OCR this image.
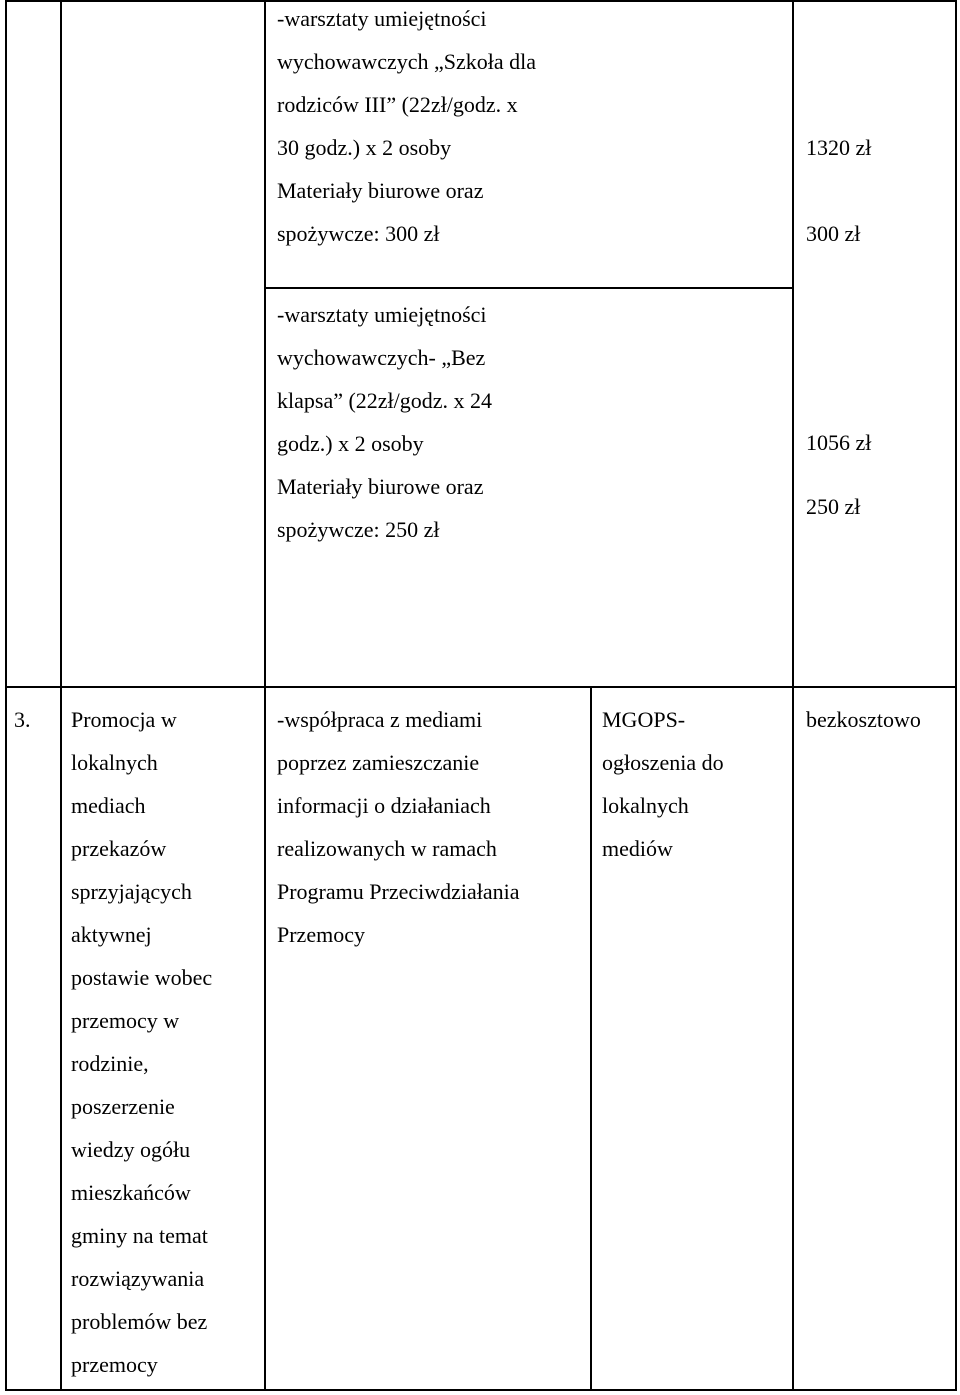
-warsztaty umiejętności
wychowawczych „Szkoła dla
rodziców III” (22zł/godz. x
30 godz.) x 2 osoby
Materiały biurowe oraz
spożywcze: 300 zł
1320 zł
300 zł
-warsztaty umiejętności
wychowawczych- „Bez
klapsa” (22zł/godz. x 24
godz.) x 2 osoby
Materiały biurowe oraz
spożywcze: 250 zł
1056 zł
250 zł
3. Promocja w
lokalnych
mediach
przekazów
sprzyjających
aktywnej
postawie wobec
przemocy w
rodzinie,
poszerzenie
wiedzy ogółu
mieszkańców
gminy na temat
rozwiązywania
problemów bez
przemocy
-współpraca z mediami
poprzez zamieszczanie
informacji o działaniach
realizowanych w ramach
Programu Przeciwdziałania
Przemocy
MGOPS-
ogłoszenia do
lokalnych
mediów
bezkosztowo
